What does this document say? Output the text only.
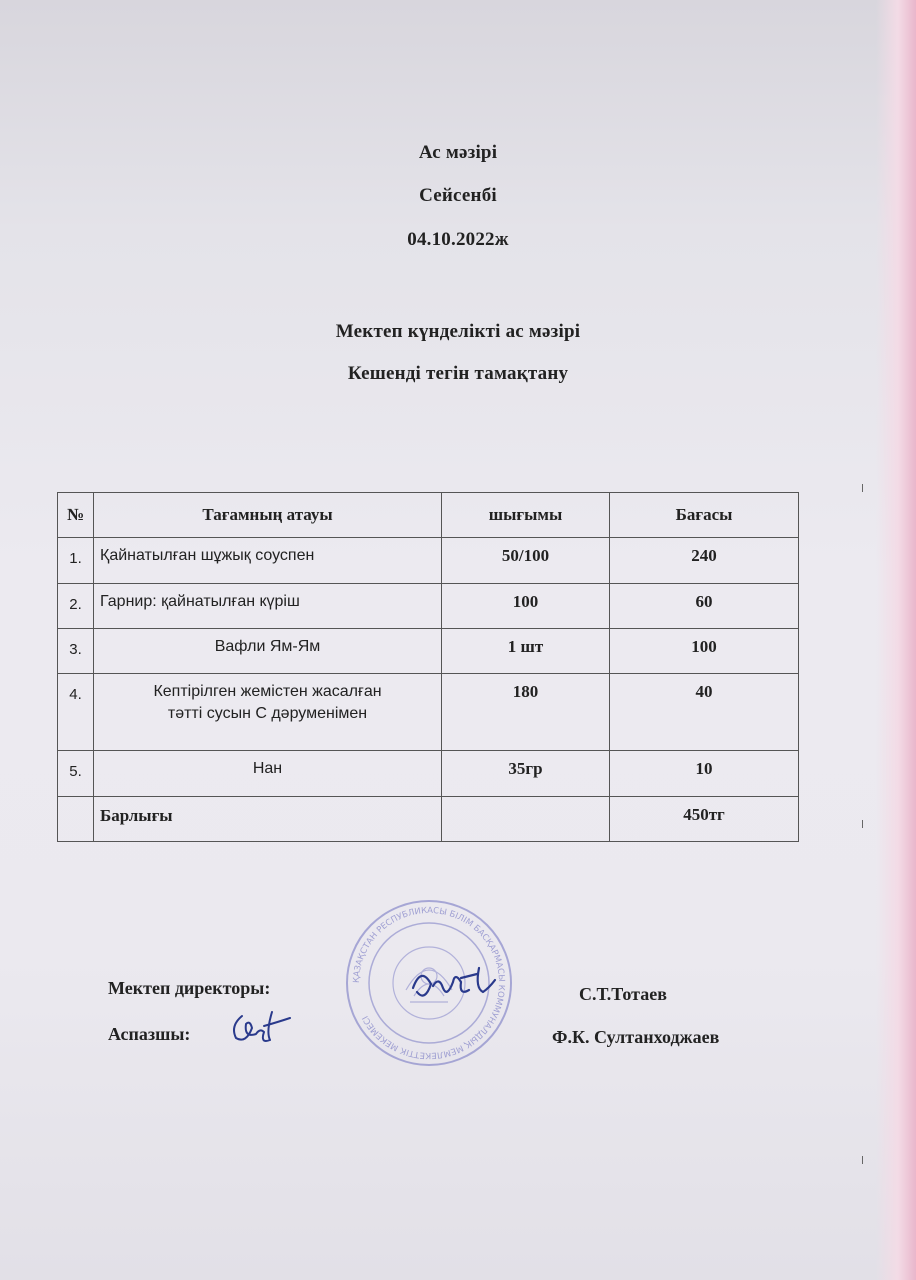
Ас мәзірі
Сейсенбі
04.10.2022ж
Мектеп күнделікті ас мәзірі
Кешенді тегін тамақтану
№	Тағамның атауы	шығымы	Бағасы
1.	Қайнатылған шұжық соуспен	50/100	240
2.	Гарнир: қайнатылған күріш	100	60
3.	Вафли Ям-Ям	1 шт	100
4.	Кептірілген жемістен жасалған
тәтті сусын С дәруменімен	180	40
5.	Нан	35гр	10
	Барлығы		450тг
ҚАЗАҚСТАН РЕСПУБЛИКАСЫ БІЛІМ БАСҚАРМАСЫ КОММУНАЛДЫҚ МЕМЛЕКЕТТІК МЕКЕМЕСІ
Мектеп директоры:	С.Т.Тотаев
Аспазшы:	Ф.К. Султанходжаев
